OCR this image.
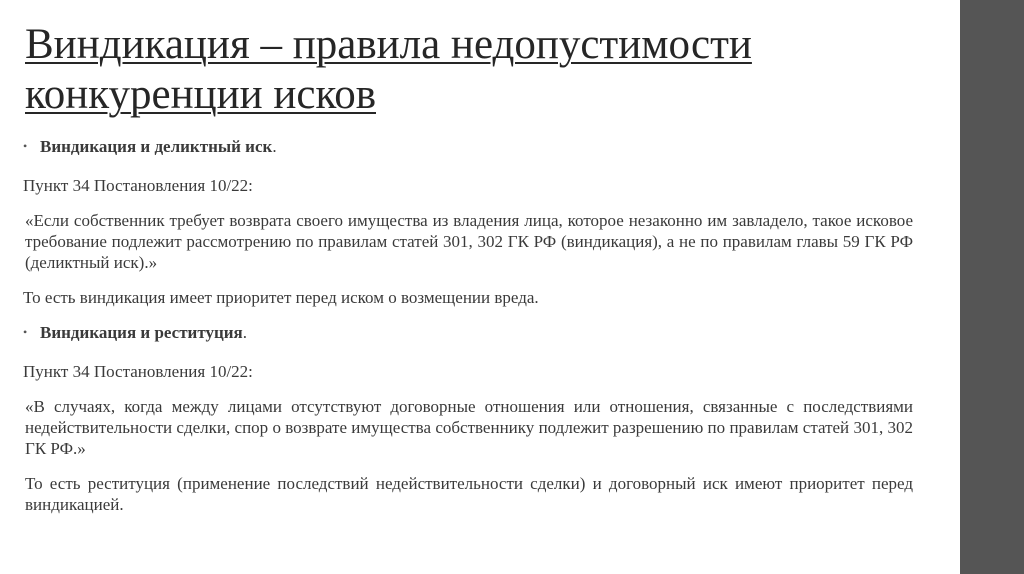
Виндикация – правила недопустимости конкуренции исков
• Виндикация и деликтный иск.

Пункт 34 Постановления 10/22:

«Если собственник требует возврата своего имущества из владения лица, которое незаконно им завладело, такое исковое требование подлежит рассмотрению по правилам статей 301, 302 ГК РФ (виндикация), а не по правилам главы 59 ГК РФ (деликтный иск).»

То есть виндикация имеет приоритет перед иском о возмещении вреда.

• Виндикация и реституция.

Пункт 34 Постановления 10/22:

«В случаях, когда между лицами отсутствуют договорные отношения или отношения, связанные с последствиями недействительности сделки, спор о возврате имущества собственнику подлежит разрешению по правилам статей 301, 302 ГК РФ.»

То есть реституция (применение последствий недействительности сделки) и договорный иск имеют приоритет перед виндикацией.
